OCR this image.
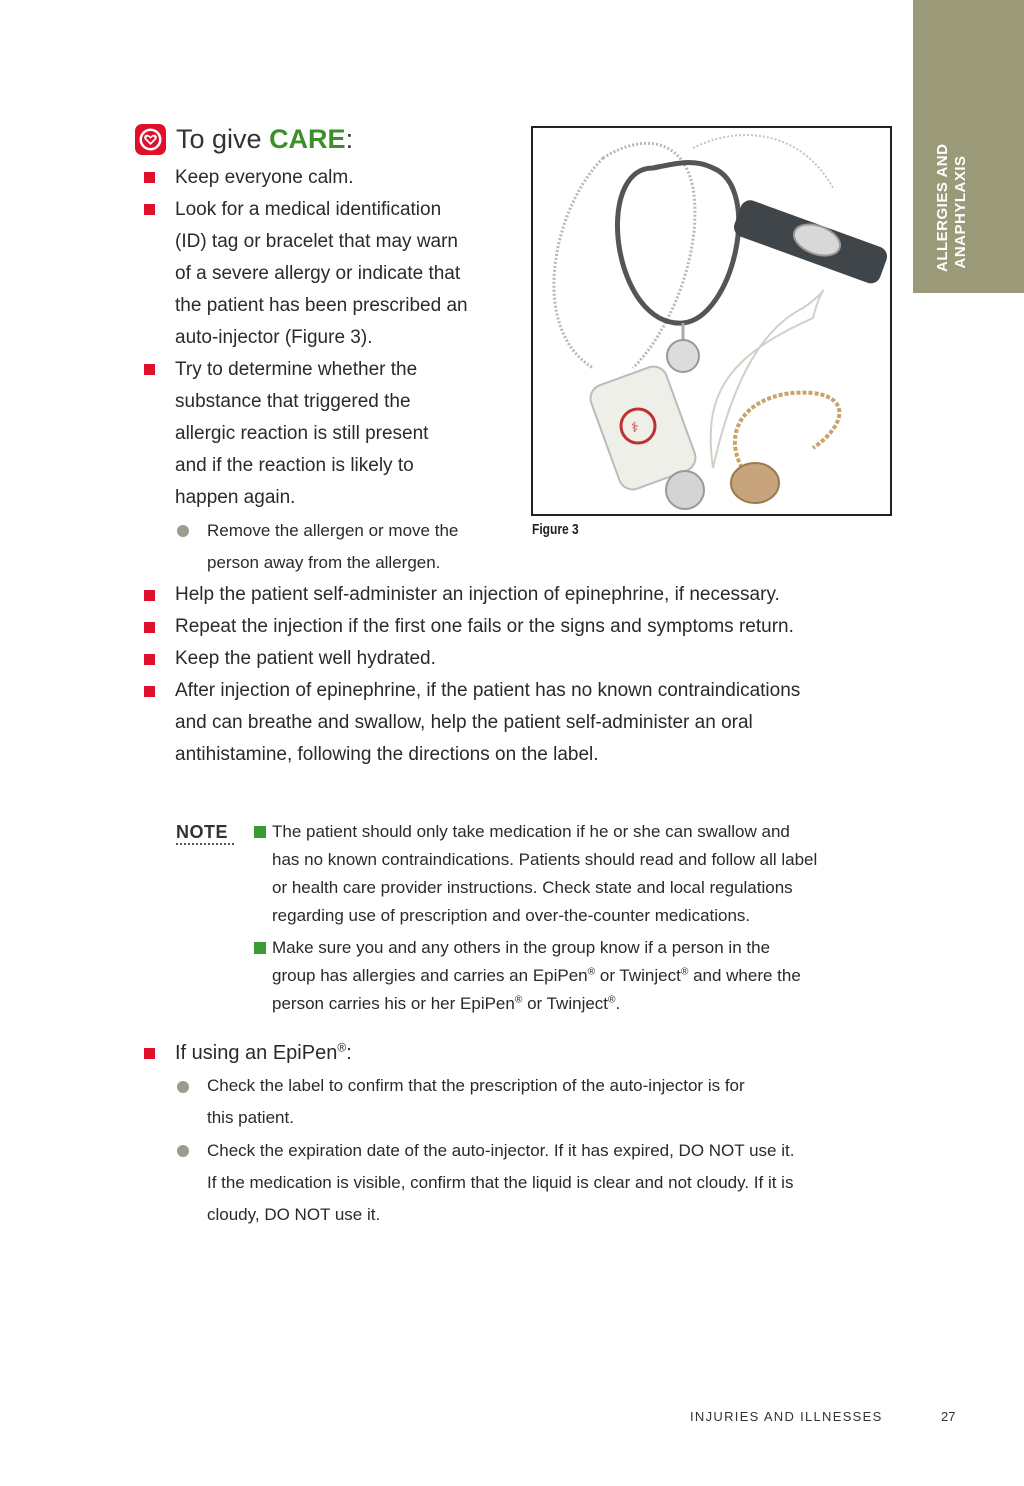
ALLERGIES AND ANAPHYLAXIS
To give CARE:
Keep everyone calm.
Look for a medical identification
(ID) tag or bracelet that may warn
of a severe allergy or indicate that
the patient has been prescribed an
auto-injector (Figure 3).
Try to determine whether the
substance that triggered the
allergic reaction is still present
and if the reaction is likely to
happen again.
Remove the allergen or move the
person away from the allergen.
⚕
Figure 3
Help the patient self-administer an injection of epinephrine, if necessary.
Repeat the injection if the first one fails or the signs and symptoms return.
Keep the patient well hydrated.
After injection of epinephrine, if the patient has no known contraindications
and can breathe and swallow, help the patient self-administer an oral
antihistamine, following the directions on the label.
NOTE	The patient should only take medication if he or she can swallow and
has no known contraindications. Patients should read and follow all label
or health care provider instructions. Check state and local regulations
regarding use of prescription and over-the-counter medications.
Make sure you and any others in the group know if a person in the
group has allergies and carries an EpiPen® or Twinject® and where the
person carries his or her EpiPen® or Twinject®.
If using an EpiPen®:
Check the label to confirm that the prescription of the auto-injector is for
this patient.
Check the expiration date of the auto-injector. If it has expired, DO NOT use it.
If the medication is visible, confirm that the liquid is clear and not cloudy. If it is
cloudy, DO NOT use it.
INJURIES AND ILLNESSES	27
